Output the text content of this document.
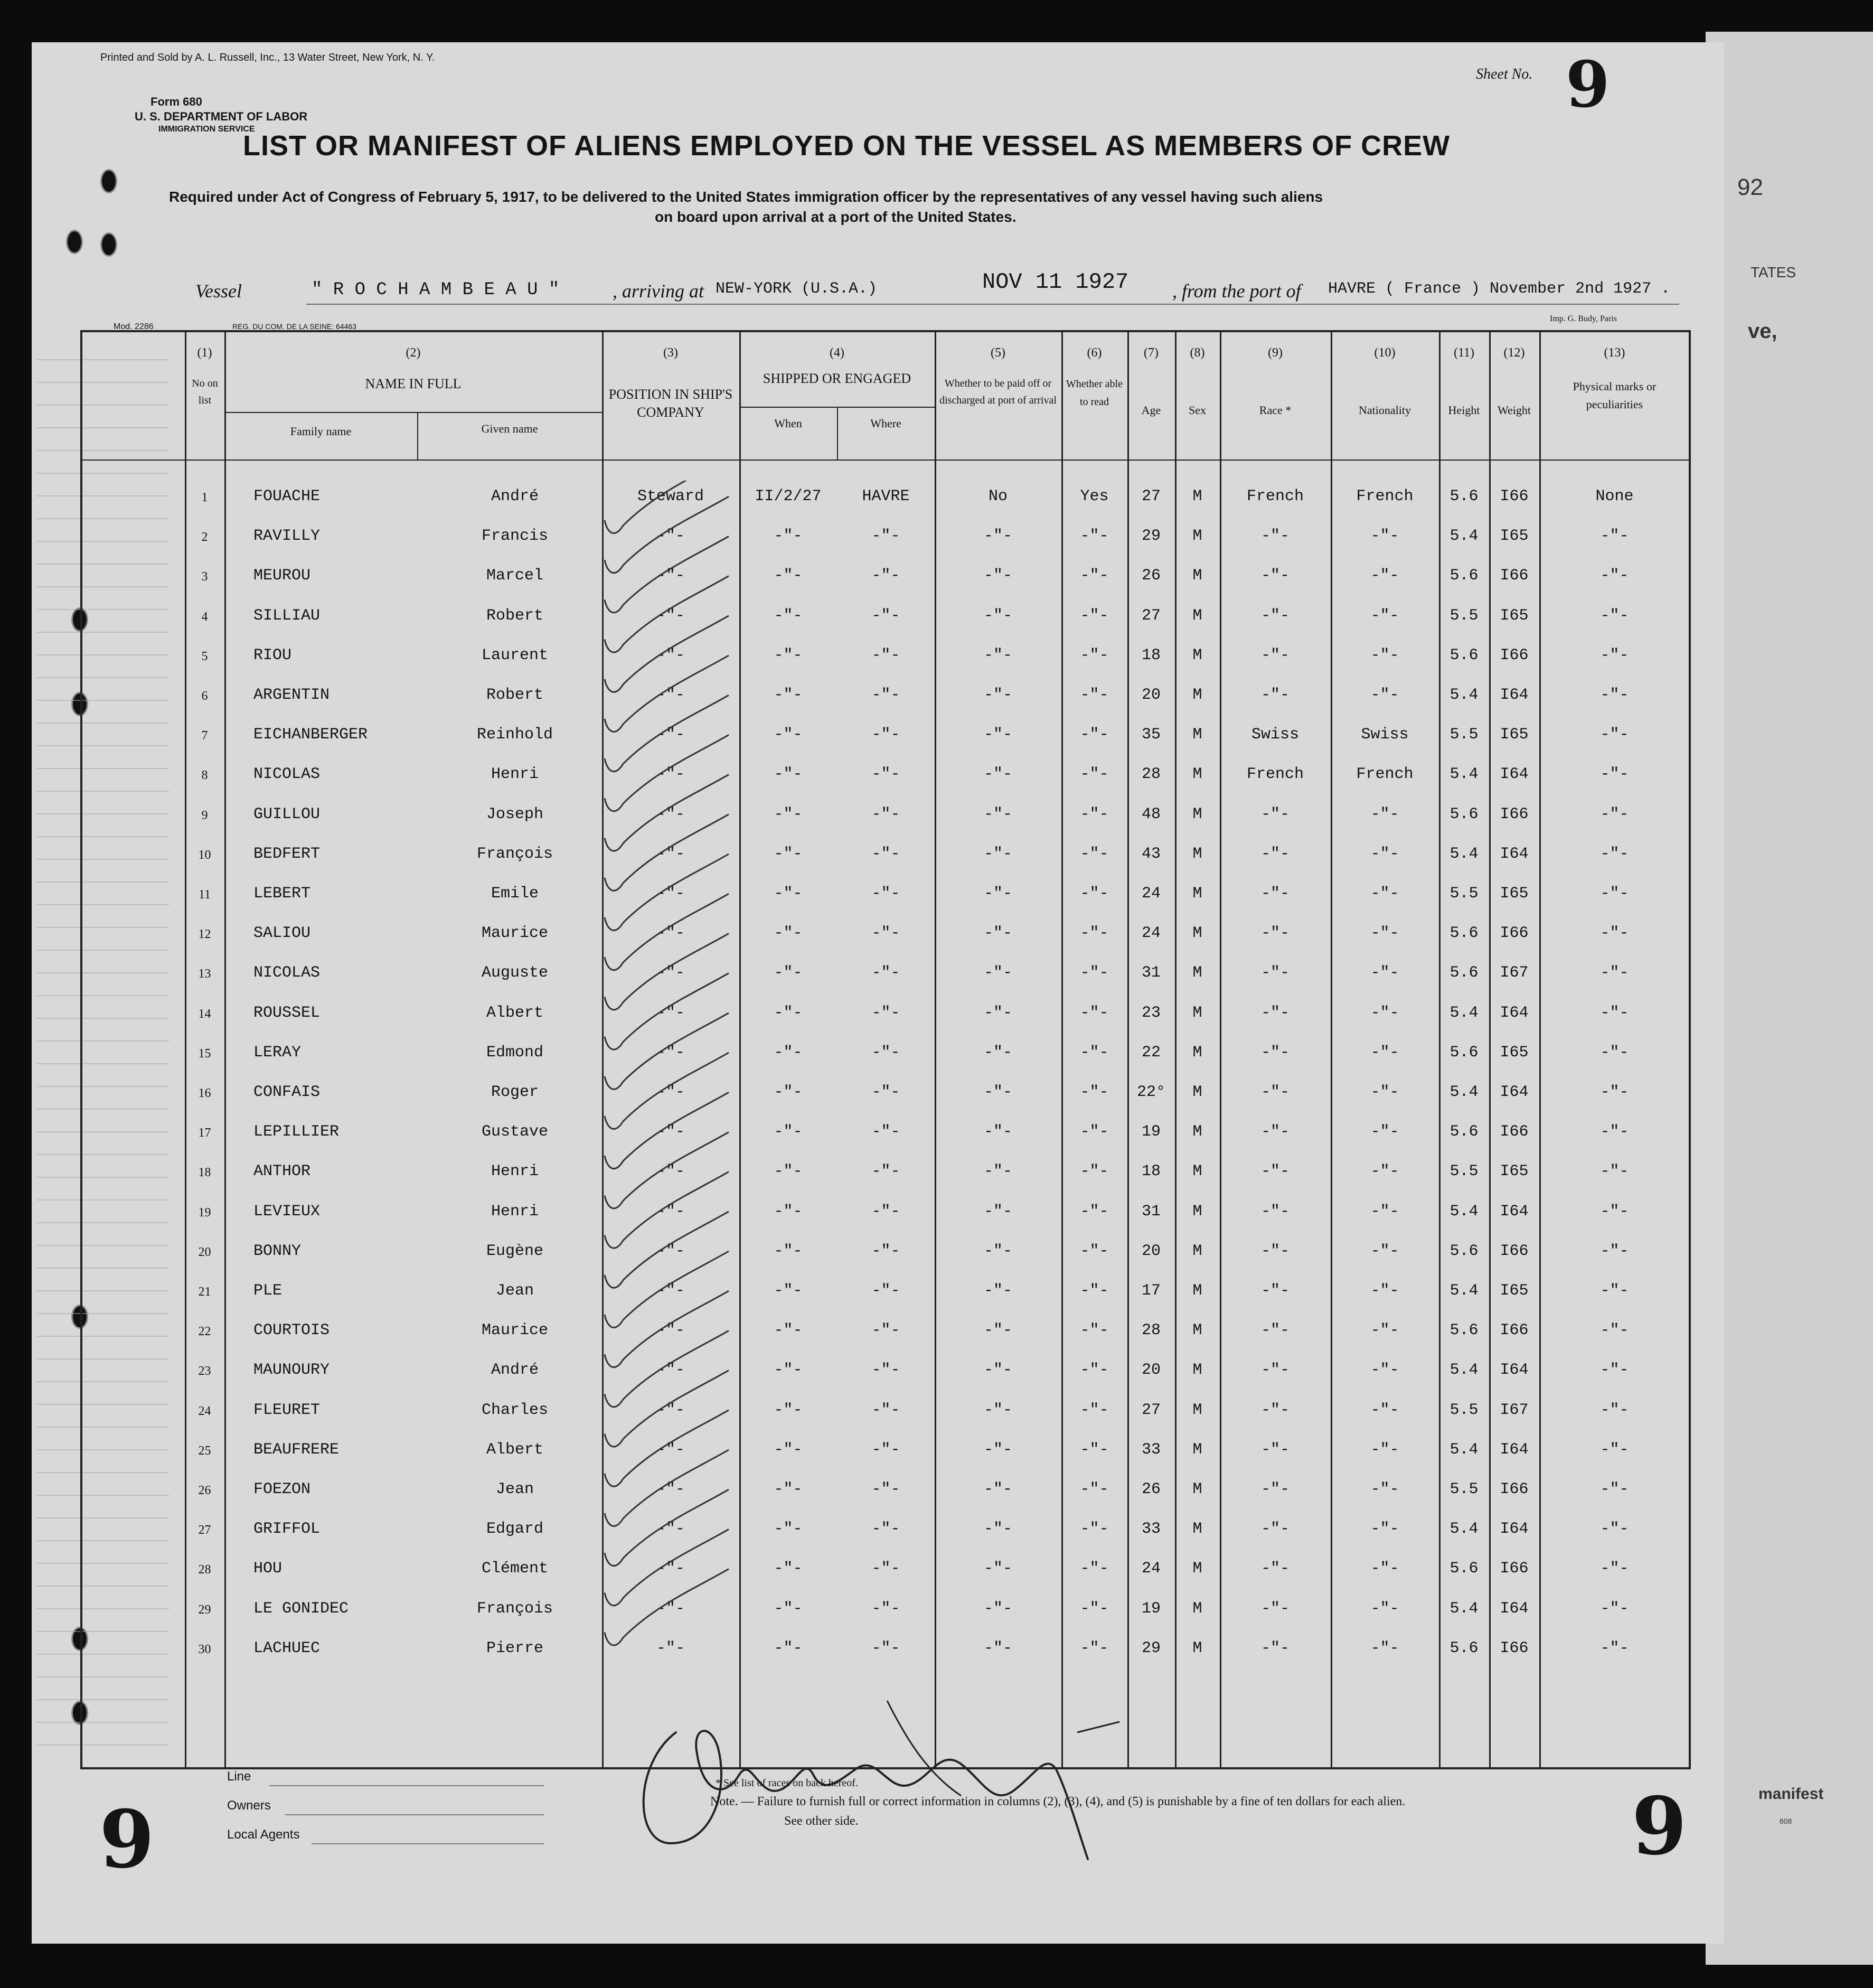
92
TATES
ve,
manifest
608
Printed and Sold by A. L. Russell, Inc., 13 Water Street, New York, N. Y.
Form 680
U. S. DEPARTMENT OF LABOR
IMMIGRATION SERVICE
Sheet No. 9
LIST OR MANIFEST OF ALIENS EMPLOYED ON THE VESSEL AS MEMBERS OF CREW
Required under Act of Congress of February 5, 1917, to be delivered to the United States immigration officer by the representatives of any vessel having such aliens
on board upon arrival at a port of the United States.
Vessel	" R O C H A M B E A U "	, arriving at NEW-YORK (U.S.A.)	NOV 11 1927 , from the port of HAVRE ( France ) November 2nd 1927 .
Mod. 2286	REG. DU COM. DE LA SEINE: 64463
Imp. G. Budy, Paris
(1)	(2)	(3)	(4)	(5)	(6)	(7)	(8)	(9)	(10)	(11)	(12)	(13)
No on list
NAME IN FULL
Family name	Given name
POSITION IN SHIP'S COMPANY
SHIPPED OR ENGAGED
When	Where
Whether to be paid off or discharged at port of arrival
Whether able to read
Age	Sex	Race *	Nationality	Height	Weight
Physical marks or peculiarities
1	FOUACHE	André	Steward	II/2/27	HAVRE	No	Yes	27	M	French	French	5.6	I66	None
2	RAVILLY	Francis	-"-	-"-	-"-	-"-	-"-	29	M	-"-	-"-	5.4	I65	-"-
3	MEUROU	Marcel	-"-	-"-	-"-	-"-	-"-	26	M	-"-	-"-	5.6	I66	-"-
4	SILLIAU	Robert	-"-	-"-	-"-	-"-	-"-	27	M	-"-	-"-	5.5	I65	-"-
5	RIOU	Laurent	-"-	-"-	-"-	-"-	-"-	18	M	-"-	-"-	5.6	I66	-"-
6	ARGENTIN	Robert	-"-	-"-	-"-	-"-	-"-	20	M	-"-	-"-	5.4	I64	-"-
7	EICHANBERGER	Reinhold	-"-	-"-	-"-	-"-	-"-	35	M	Swiss	Swiss	5.5	I65	-"-
8	NICOLAS	Henri	-"-	-"-	-"-	-"-	-"-	28	M	French	French	5.4	I64	-"-
9	GUILLOU	Joseph	-"-	-"-	-"-	-"-	-"-	48	M	-"-	-"-	5.6	I66	-"-
10	BEDFERT	François	-"-	-"-	-"-	-"-	-"-	43	M	-"-	-"-	5.4	I64	-"-
11	LEBERT	Emile	-"-	-"-	-"-	-"-	-"-	24	M	-"-	-"-	5.5	I65	-"-
12	SALIOU	Maurice	-"-	-"-	-"-	-"-	-"-	24	M	-"-	-"-	5.6	I66	-"-
13	NICOLAS	Auguste	-"-	-"-	-"-	-"-	-"-	31	M	-"-	-"-	5.6	I67	-"-
14	ROUSSEL	Albert	-"-	-"-	-"-	-"-	-"-	23	M	-"-	-"-	5.4	I64	-"-
15	LERAY	Edmond	-"-	-"-	-"-	-"-	-"-	22	M	-"-	-"-	5.6	I65	-"-
16	CONFAIS	Roger	-"-	-"-	-"-	-"-	-"-	22°	M	-"-	-"-	5.4	I64	-"-
17	LEPILLIER	Gustave	-"-	-"-	-"-	-"-	-"-	19	M	-"-	-"-	5.6	I66	-"-
18	ANTHOR	Henri	-"-	-"-	-"-	-"-	-"-	18	M	-"-	-"-	5.5	I65	-"-
19	LEVIEUX	Henri	-"-	-"-	-"-	-"-	-"-	31	M	-"-	-"-	5.4	I64	-"-
20	BONNY	Eugène	-"-	-"-	-"-	-"-	-"-	20	M	-"-	-"-	5.6	I66	-"-
21	PLE	Jean	-"-	-"-	-"-	-"-	-"-	17	M	-"-	-"-	5.4	I65	-"-
22	COURTOIS	Maurice	-"-	-"-	-"-	-"-	-"-	28	M	-"-	-"-	5.6	I66	-"-
23	MAUNOURY	André	-"-	-"-	-"-	-"-	-"-	20	M	-"-	-"-	5.4	I64	-"-
24	FLEURET	Charles	-"-	-"-	-"-	-"-	-"-	27	M	-"-	-"-	5.5	I67	-"-
25	BEAUFRERE	Albert	-"-	-"-	-"-	-"-	-"-	33	M	-"-	-"-	5.4	I64	-"-
26	FOEZON	Jean	-"-	-"-	-"-	-"-	-"-	26	M	-"-	-"-	5.5	I66	-"-
27	GRIFFOL	Edgard	-"-	-"-	-"-	-"-	-"-	33	M	-"-	-"-	5.4	I64	-"-
28	HOU	Clément	-"-	-"-	-"-	-"-	-"-	24	M	-"-	-"-	5.6	I66	-"-
29	LE GONIDEC	François	-"-	-"-	-"-	-"-	-"-	19	M	-"-	-"-	5.4	I64	-"-
30	LACHUEC	Pierre	-"-	-"-	-"-	-"-	-"-	29	M	-"-	-"-	5.6	I66	-"-
Line
Owners
Local Agents
* See list of races on back hereof.
Note. — Failure to furnish full or correct information in columns (2), (3), (4), and (5) is punishable by a fine of ten dollars for each alien.
See other side.
9	9
